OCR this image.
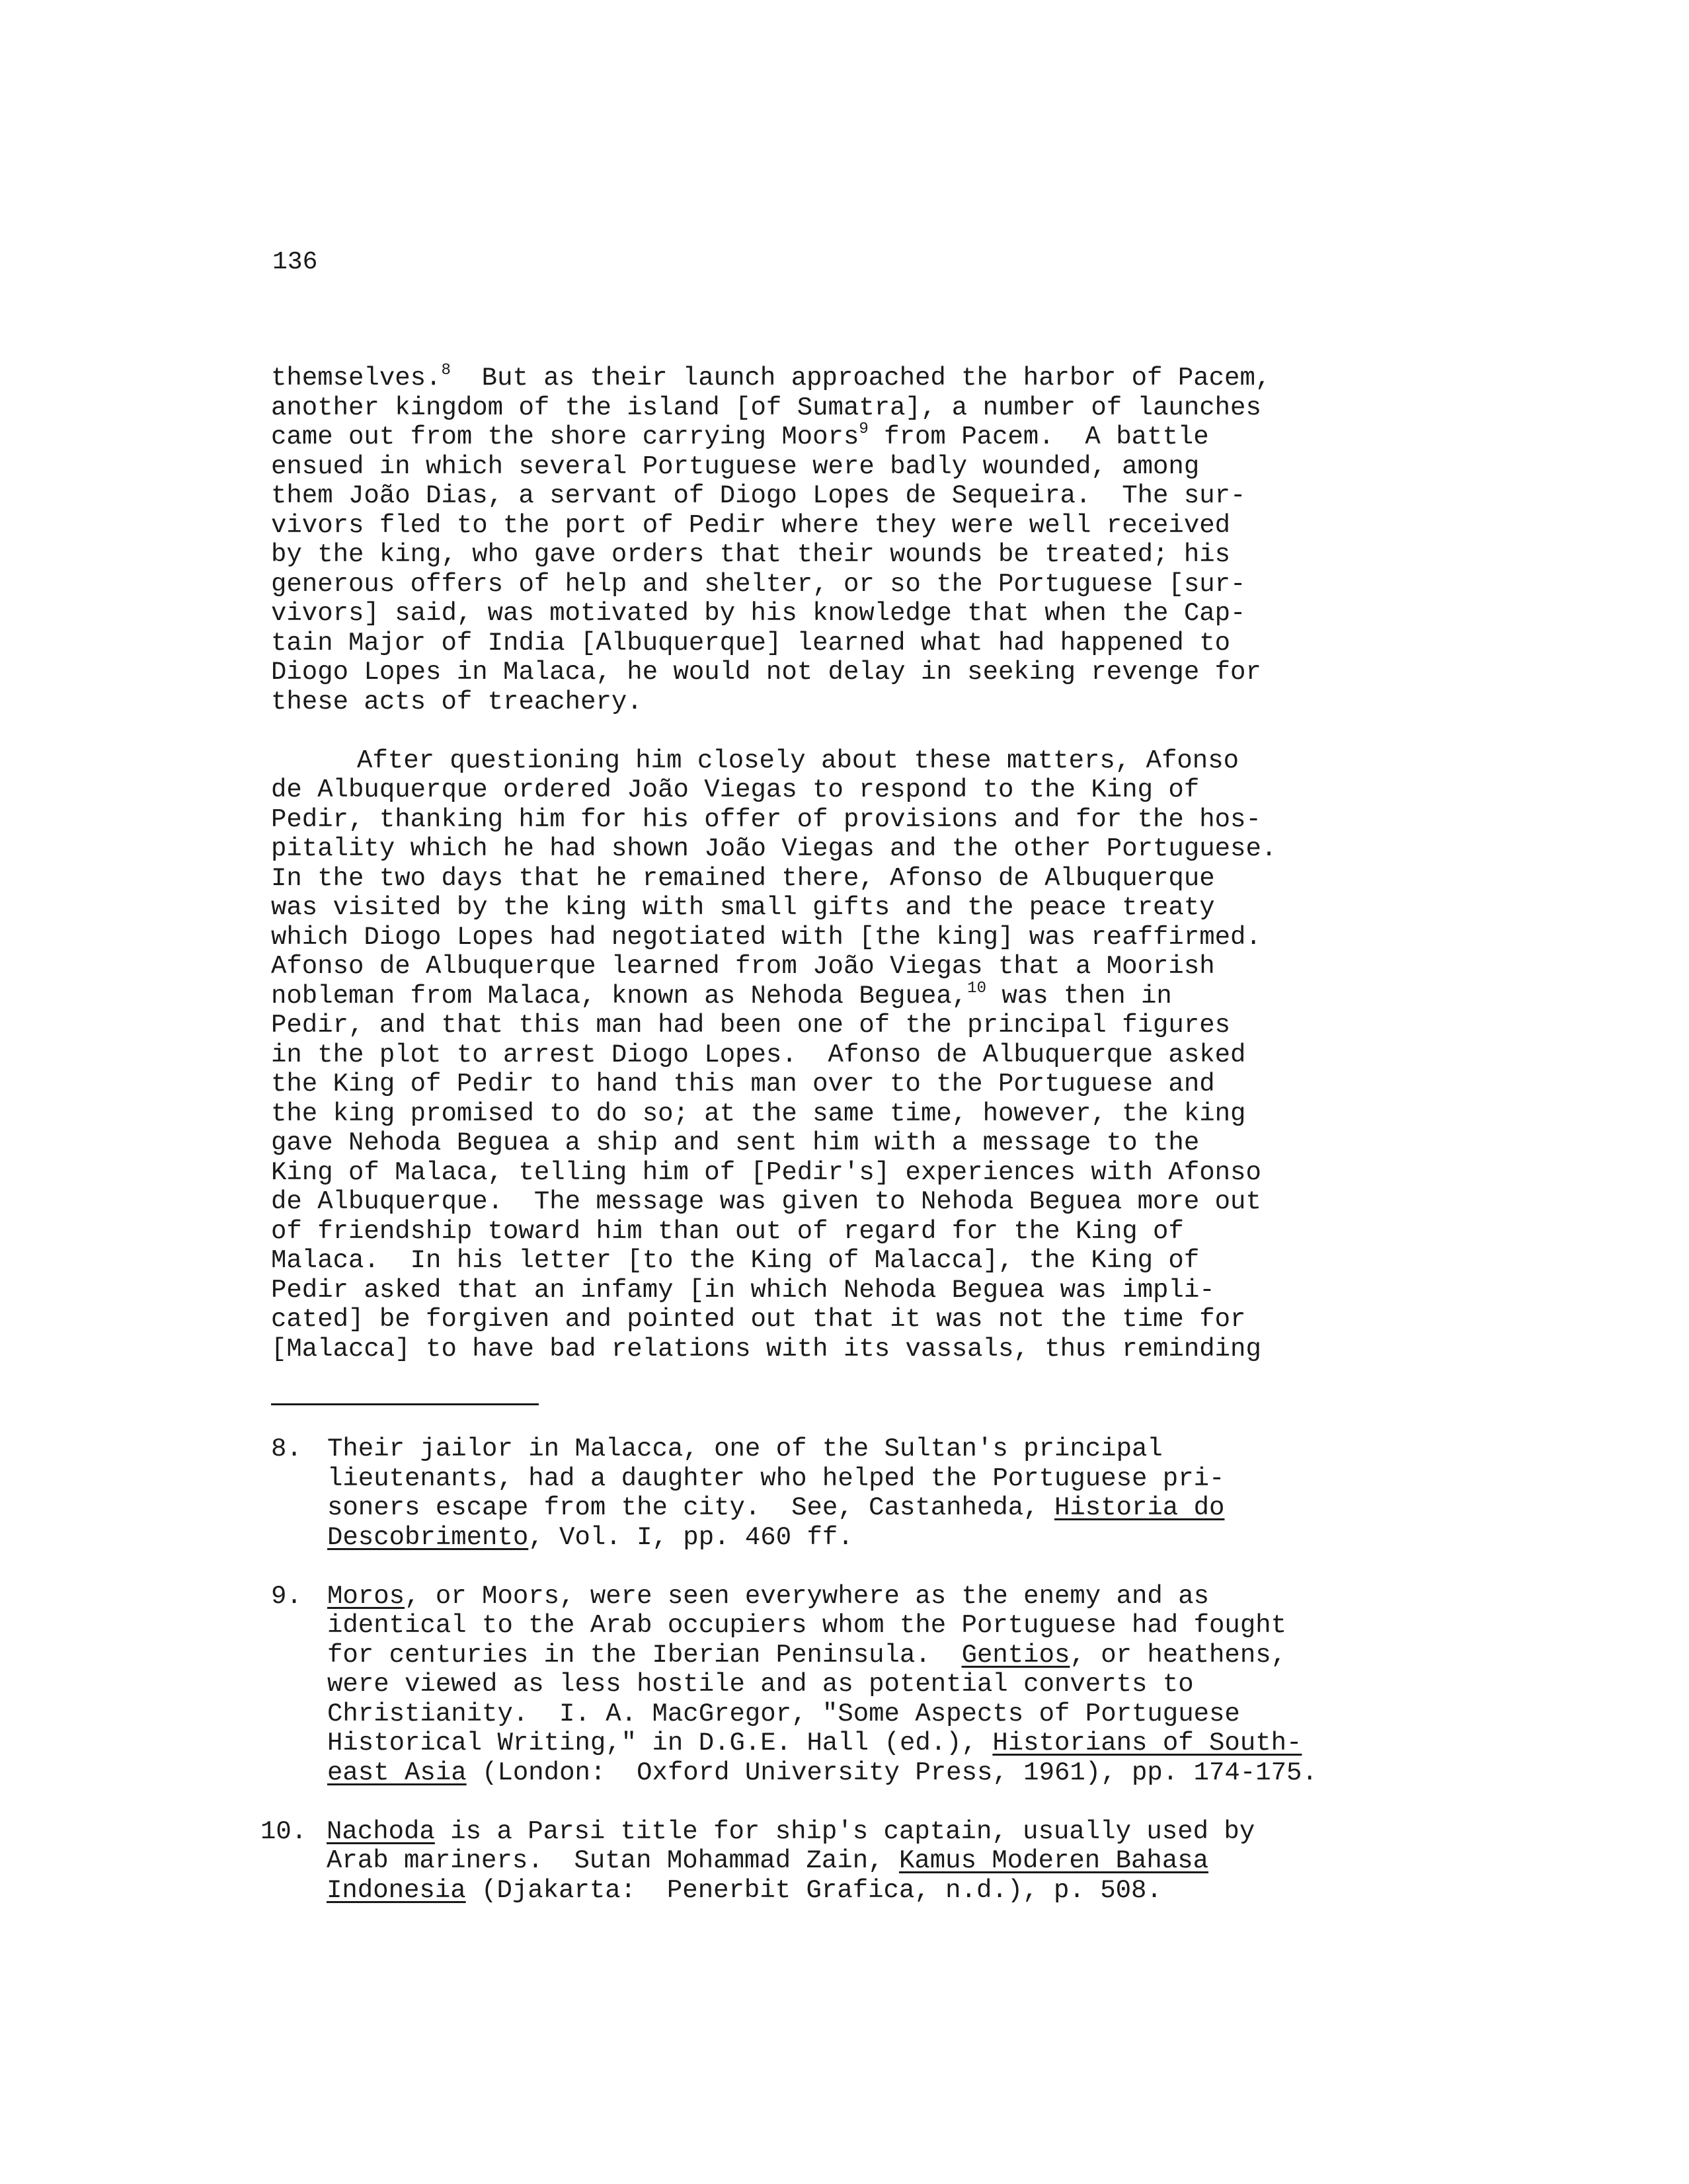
136
themselves.$^8$  But as their launch approached the harbor of Pacem,
another kingdom of the island [of Sumatra], a number of launches
came out from the shore carrying Moors$^9$ from Pacem.  A battle
ensued in which several Portuguese were badly wounded, among
them João Dias, a servant of Diogo Lopes de Sequeira.  The sur-
vivors fled to the port of Pedir where they were well received
by the king, who gave orders that their wounds be treated; his
generous offers of help and shelter, or so the Portuguese [sur-
vivors] said, was motivated by his knowledge that when the Cap-
tain Major of India [Albuquerque] learned what had happened to
Diogo Lopes in Malaca, he would not delay in seeking revenge for
these acts of treachery.
After questioning him closely about these matters, Afonso
de Albuquerque ordered João Viegas to respond to the King of
Pedir, thanking him for his offer of provisions and for the hos-
pitality which he had shown João Viegas and the other Portuguese.
In the two days that he remained there, Afonso de Albuquerque
was visited by the king with small gifts and the peace treaty
which Diogo Lopes had negotiated with [the king] was reaffirmed.
Afonso de Albuquerque learned from João Viegas that a Moorish
nobleman from Malaca, known as Nehoda Beguea,$^{10}$ was then in
Pedir, and that this man had been one of the principal figures
in the plot to arrest Diogo Lopes.  Afonso de Albuquerque asked
the King of Pedir to hand this man over to the Portuguese and
the king promised to do so; at the same time, however, the king
gave Nehoda Beguea a ship and sent him with a message to the
King of Malaca, telling him of [Pedir's] experiences with Afonso
de Albuquerque.  The message was given to Nehoda Beguea more out
of friendship toward him than out of regard for the King of
Malaca.  In his letter [to the King of Malacca], the King of
Pedir asked that an infamy [in which Nehoda Beguea was impli-
cated] be forgiven and pointed out that it was not the time for
[Malacca] to have bad relations with its vassals, thus reminding
8. Their jailor in Malacca, one of the Sultan's principal
lieutenants, had a daughter who helped the Portuguese pri-
soners escape from the city.  See, Castanheda, Historia do
Descobrimento, Vol. I, pp. 460 ff.
9. Moros, or Moors, were seen everywhere as the enemy and as
identical to the Arab occupiers whom the Portuguese had fought
for centuries in the Iberian Peninsula.  Gentios, or heathens,
were viewed as less hostile and as potential converts to
Christianity.  I. A. MacGregor, "Some Aspects of Portuguese
Historical Writing," in D.G.E. Hall (ed.), Historians of South-
east Asia (London:  Oxford University Press, 1961), pp. 174-175.
10. Nachoda is a Parsi title for ship's captain, usually used by
Arab mariners.  Sutan Mohammad Zain, Kamus Moderen Bahasa
Indonesia (Djakarta:  Penerbit Grafica, n.d.), p. 508.
